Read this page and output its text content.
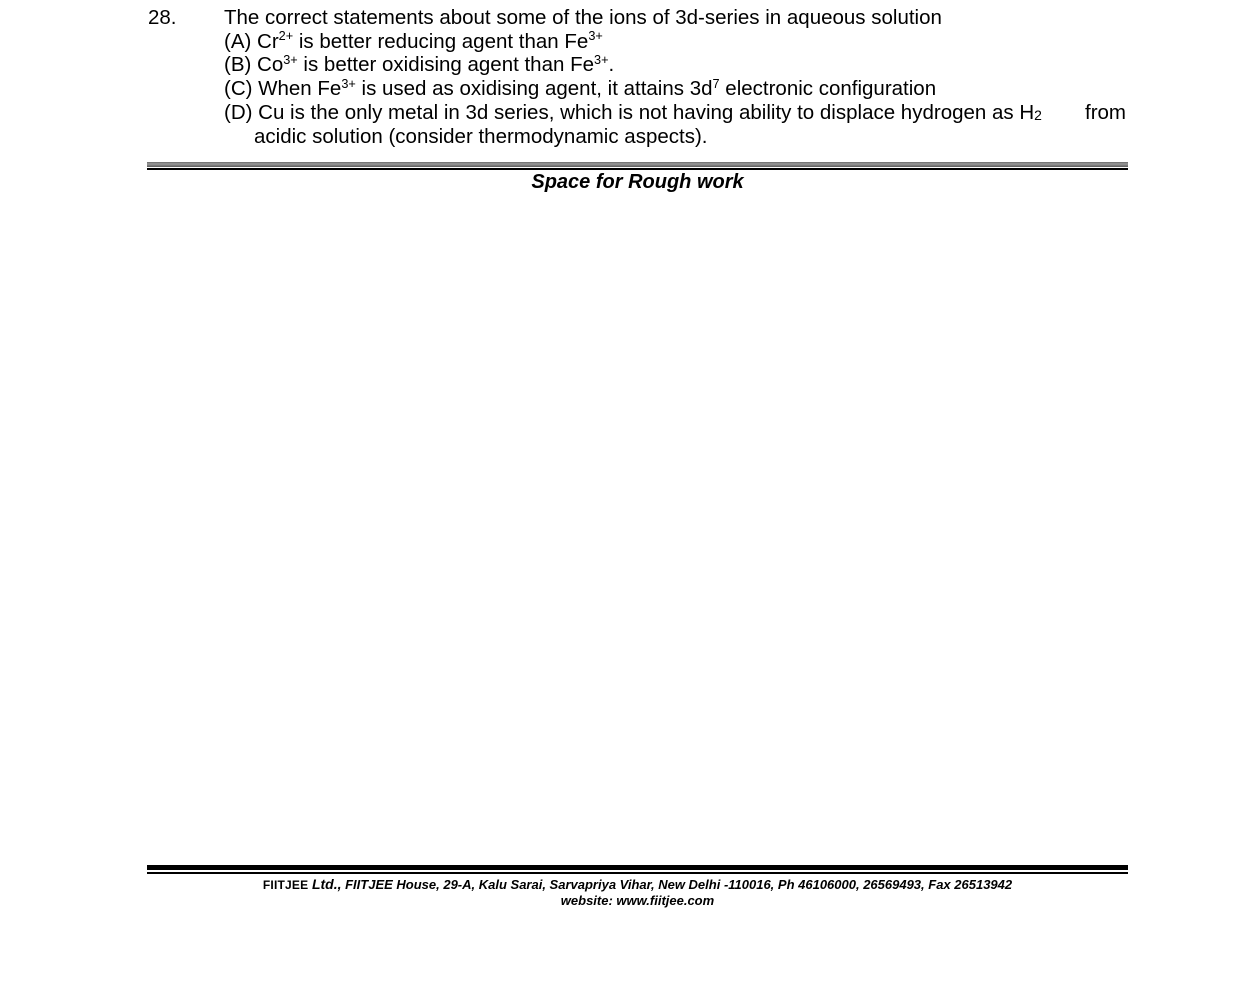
28. The correct statements about some of the ions of 3d-series in aqueous solution
(A) $Cr^{2+}$ is better reducing agent than $Fe^{3+}$
(B) $Co^{3+}$ is better oxidising agent than $Fe^{3+}$.
(C) When $Fe^{3+}$ is used as oxidising agent, it attains $3d^7$ electronic configuration
(D) Cu is the only metal in 3d series, which is not having ability to displace hydrogen as $H_2$ from
acidic solution (consider thermodynamic aspects).
Space for Rough work
FIITJEE Ltd., FIITJEE House, 29-A, Kalu Sarai, Sarvapriya Vihar, New Delhi -110016, Ph 46106000, 26569493, Fax 26513942
website: www.fiitjee.com
